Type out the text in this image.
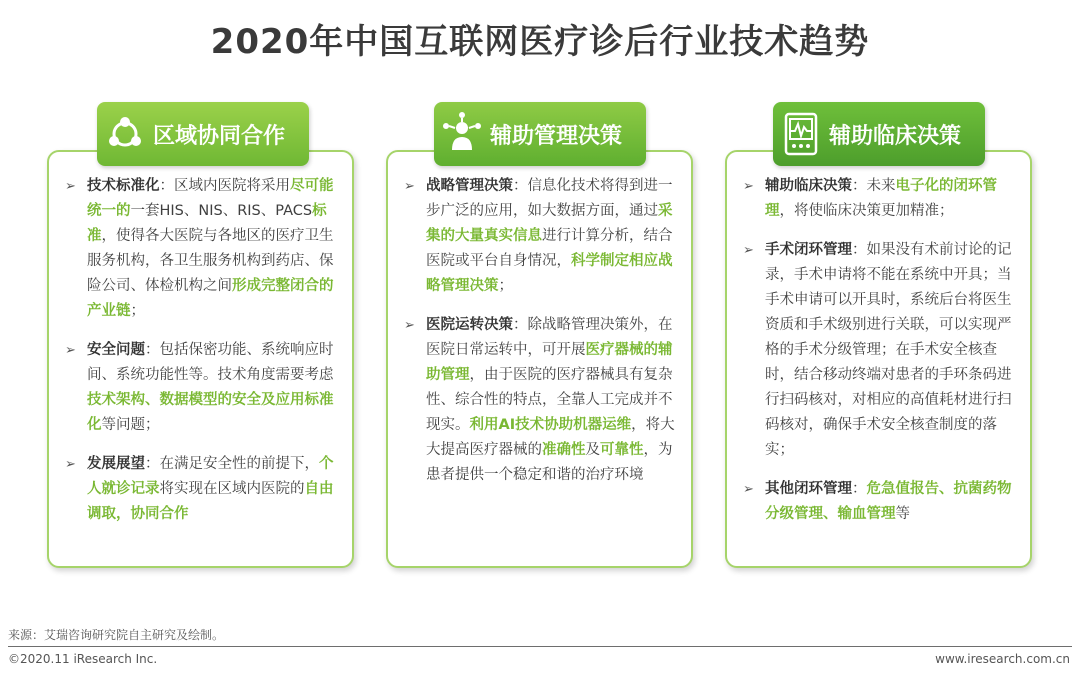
2020年中国互联网医疗诊后行业技术趋势
➢ 技术标准化：区域内医院将采用尽可能统一的一套HIS、NIS、RIS、PACS标准，使得各大医院与各地区的医疗卫生服务机构，各卫生服务机构到药店、保险公司、体检机构之间形成完整闭合的产业链；
➢ 安全问题：包括保密功能、系统响应时间、系统功能性等。技术角度需要考虑技术架构、数据模型的安全及应用标准化等问题；
➢ 发展展望：在满足安全性的前提下，个人就诊记录将实现在区域内医院的自由调取，协同合作
区域协同合作
➢ 战略管理决策：信息化技术将得到进一步广泛的应用，如大数据方面，通过采集的大量真实信息进行计算分析，结合医院或平台自身情况，科学制定相应战略管理决策；
➢ 医院运转决策：除战略管理决策外，在医院日常运转中，可开展医疗器械的辅助管理，由于医院的医疗器械具有复杂性、综合性的特点，全靠人工完成并不现实。利用AI技术协助机器运维，将大大提高医疗器械的准确性及可靠性，为患者提供一个稳定和谐的治疗环境
辅助管理决策
➢ 辅助临床决策：未来电子化的闭环管理，将使临床决策更加精准；
➢ 手术闭环管理：如果没有术前讨论的记录，手术申请将不能在系统中开具；当手术申请可以开具时，系统后台将医生资质和手术级别进行关联，可以实现严格的手术分级管理；在手术安全核查时，结合移动终端对患者的手环条码进行扫码核对，对相应的高值耗材进行扫码核对，确保手术安全核查制度的落实；
➢ 其他闭环管理：危急值报告、抗菌药物分级管理、输血管理等
辅助临床决策
来源：艾瑞咨询研究院自主研究及绘制。
©2020.11 iResearch Inc.	www.iresearch.com.cn
